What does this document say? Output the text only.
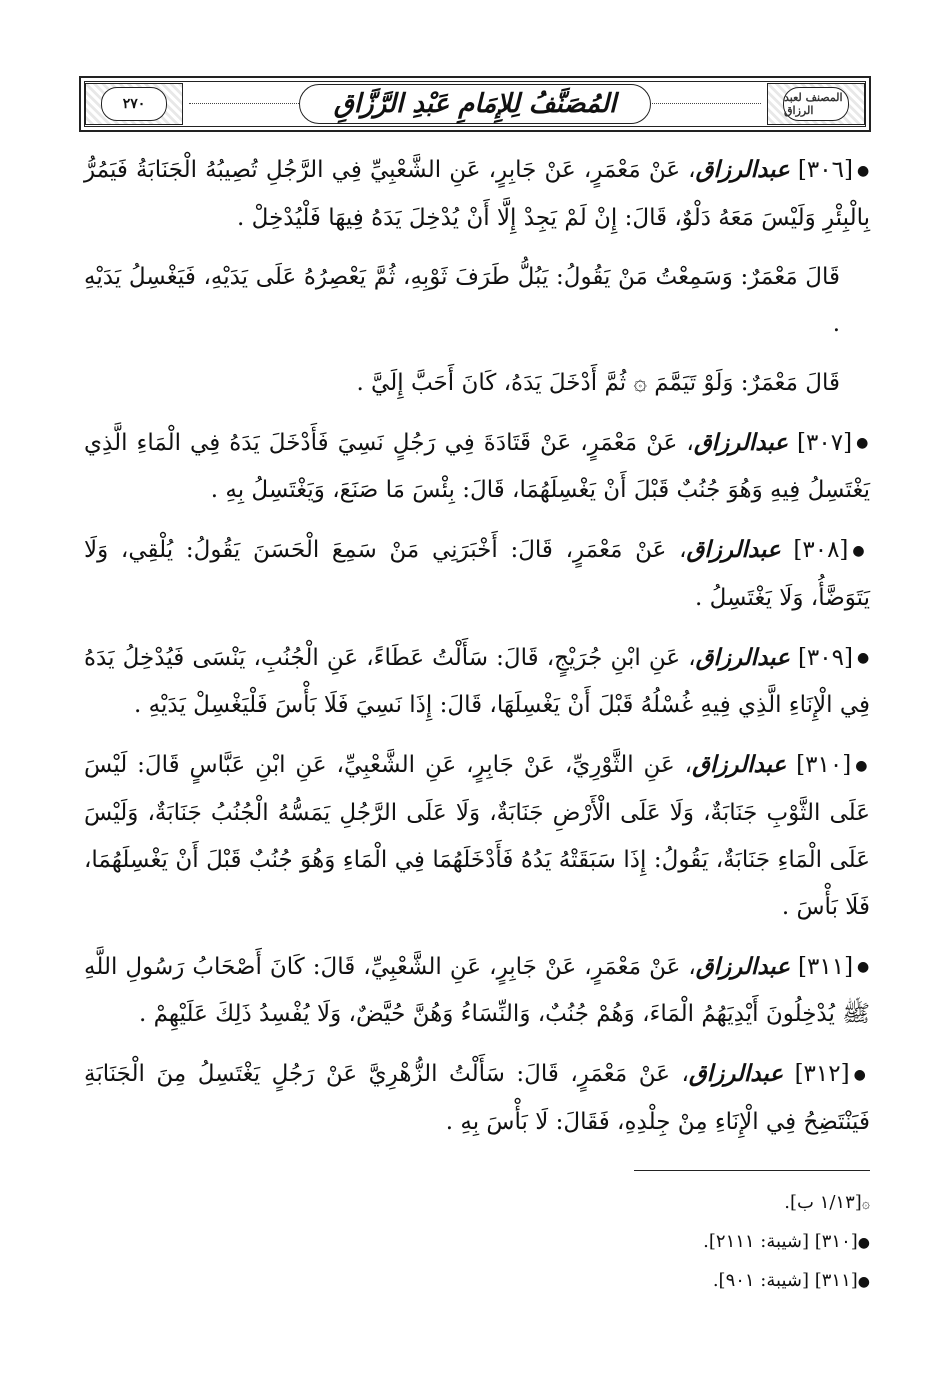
٢٧٠	المُصَنَّفُ لِلإِمَامِ عَبْدِ الرَّزَّاقِ	المصنف لعبد الرزاق

●[٣٠٦] عبدالرزاق، عَنْ مَعْمَرٍ، عَنْ جَابِرٍ، عَنِ الشَّعْبِيِّ فِي الرَّجُلِ تُصِيبُهُ الْجَنَابَةُ فَيَمُرُّ بِالْبِئْرِ وَلَيْسَ مَعَهُ دَلْوٌ، قَالَ: إِنْ لَمْ يَجِدْ إِلَّا أَنْ يُدْخِلَ يَدَهُ فِيهَا فَلْيُدْخِلْ .

قَالَ مَعْمَرٌ: وَسَمِعْتُ مَنْ يَقُولُ: يَبُلُّ طَرَفَ ثَوْبِهِ، ثُمَّ يَعْصِرُهُ عَلَى يَدَيْهِ، فَيَغْسِلُ يَدَيْهِ .

قَالَ مَعْمَرٌ: وَلَوْ تَيَمَّمَ ۞ ثُمَّ أَدْخَلَ يَدَهُ، كَانَ أَحَبَّ إِلَيَّ .

●[٣٠٧] عبدالرزاق، عَنْ مَعْمَرٍ، عَنْ قَتَادَةَ فِي رَجُلٍ نَسِيَ فَأَدْخَلَ يَدَهُ فِي الْمَاءِ الَّذِي يَغْتَسِلُ فِيهِ وَهُوَ جُنُبٌ قَبْلَ أَنْ يَغْسِلَهُمَا، قَالَ: بِئْسَ مَا صَنَعَ، وَيَغْتَسِلُ بِهِ .

●[٣٠٨] عبدالرزاق، عَنْ مَعْمَرٍ، قَالَ: أَخْبَرَنِي مَنْ سَمِعَ الْحَسَنَ يَقُولُ: يُلْقِي، وَلَا يَتَوَضَّأُ، وَلَا يَغْتَسِلُ .

●[٣٠٩] عبدالرزاق، عَنِ ابْنِ جُرَيْجٍ، قَالَ: سَأَلْتُ عَطَاءً، عَنِ الْجُنُبِ، يَنْسَى فَيُدْخِلُ يَدَهُ فِي الْإِنَاءِ الَّذِي فِيهِ غُسْلُهُ قَبْلَ أَنْ يَغْسِلَهَا، قَالَ: إِذَا نَسِيَ فَلَا بَأْسَ فَلْيَغْسِلْ يَدَيْهِ .

●[٣١٠] عبدالرزاق، عَنِ الثَّوْرِيِّ، عَنْ جَابِرٍ، عَنِ الشَّعْبِيِّ، عَنِ ابْنِ عَبَّاسٍ قَالَ: لَيْسَ عَلَى الثَّوْبِ جَنَابَةٌ، وَلَا عَلَى الْأَرْضِ جَنَابَةٌ، وَلَا عَلَى الرَّجُلِ يَمَسُّهُ الْجُنُبُ جَنَابَةٌ، وَلَيْسَ عَلَى الْمَاءِ جَنَابَةٌ، يَقُولُ: إِذَا سَبَقَتْهُ يَدُهُ فَأَدْخَلَهُمَا فِي الْمَاءِ وَهُوَ جُنُبٌ قَبْلَ أَنْ يَغْسِلَهُمَا، فَلَا بَأْسَ .

●[٣١١] عبدالرزاق، عَنْ مَعْمَرٍ، عَنْ جَابِرٍ، عَنِ الشَّعْبِيِّ، قَالَ: كَانَ أَصْحَابُ رَسُولِ اللَّهِ ﷺ يُدْخِلُونَ أَيْدِيَهُمُ الْمَاءَ، وَهُمْ جُنُبٌ، وَالنِّسَاءُ وَهُنَّ حُيَّضٌ، وَلَا يُفْسِدُ ذَلِكَ عَلَيْهِمْ .

●[٣١٢] عبدالرزاق، عَنْ مَعْمَرٍ، قَالَ: سَأَلْتُ الزُّهْرِيَّ عَنْ رَجُلٍ يَغْتَسِلُ مِنَ الْجَنَابَةِ فَيَنْتَضِحُ فِي الْإِنَاءِ مِنْ جِلْدِهِ، فَقَالَ: لَا بَأْسَ بِهِ .

۞[١/١٣ ب].

●[٣١٠] [شيبة: ٢١١١].

●[٣١١] [شيبة: ٩٠١].
